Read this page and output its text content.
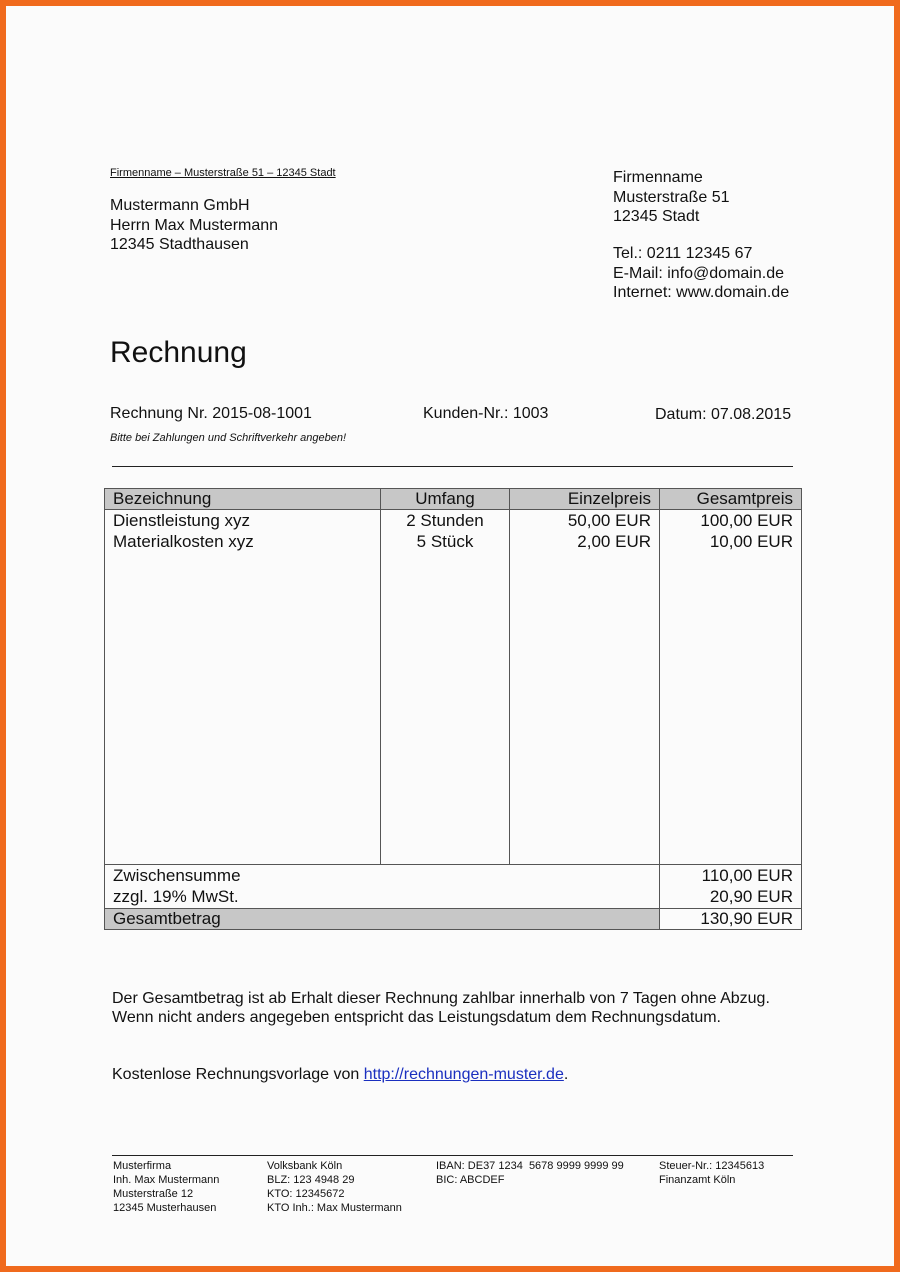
Firmenname – Musterstraße 51 – 12345 Stadt
Mustermann GmbH
Herrn Max Mustermann
12345 Stadthausen
Firmenname
Musterstraße 51
12345 Stadt
Tel.: 0211 12345 67
E-Mail: info@domain.de
Internet: www.domain.de
Rechnung
Rechnung Nr. 2015-08-1001	Kunden-Nr.: 1003	Datum: 07.08.2015
Bitte bei Zahlungen und Schriftverkehr angeben!
Bezeichnung	Umfang	Einzelpreis	Gesamtpreis
Dienstleistung xyz	2 Stunden	50,00 EUR	100,00 EUR
Materialkosten xyz	5 Stück	2,00 EUR	10,00 EUR
Zwischensumme	110,00 EUR
zzgl. 19% MwSt.	20,90 EUR
Gesamtbetrag	130,90 EUR

Der Gesamtbetrag ist ab Erhalt dieser Rechnung zahlbar innerhalb von 7 Tagen ohne Abzug.

Wenn nicht anders angegeben entspricht das Leistungsdatum dem Rechnungsdatum.

Kostenlose Rechnungsvorlage von http://rechnungen-muster.de.
Musterfirma
Inh. Max Mustermann
Musterstraße 12
12345 Musterhausen
Volksbank Köln
BLZ: 123 4948 29
KTO: 12345672
KTO Inh.: Max Mustermann
IBAN: DE37 1234  5678 9999 9999 99
BIC: ABCDEF
Steuer-Nr.: 12345613
Finanzamt Köln
